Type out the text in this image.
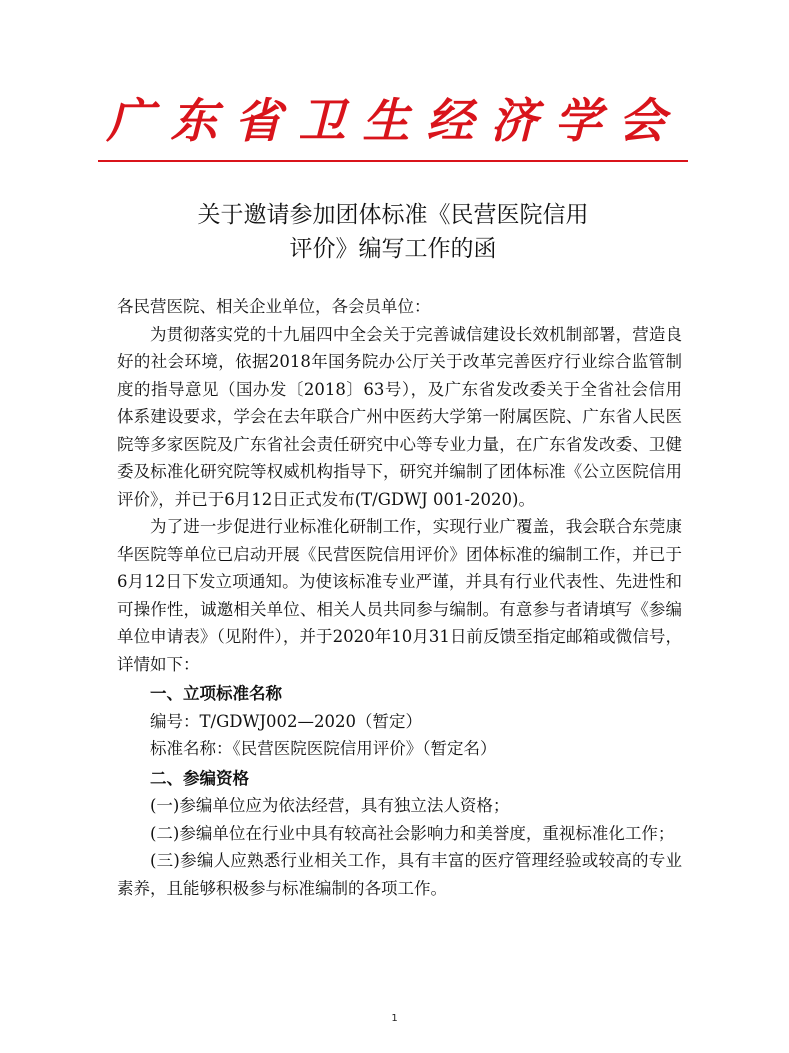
广东省卫生经济学会
关于邀请参加团体标准《民营医院信用
评价》编写工作的函

各民营医院、相关企业单位，各会员单位：

为贯彻落实党的十九届四中全会关于完善诚信建设长效机制部署，营造良好的社会环境，依据2018年国务院办公厅关于改革完善医疗行业综合监管制度的指导意见（国办发〔2018〕63号），及广东省发改委关于全省社会信用体系建设要求，学会在去年联合广州中医药大学第一附属医院、广东省人民医院等多家医院及广东省社会责任研究中心等专业力量，在广东省发改委、卫健委及标准化研究院等权威机构指导下，研究并编制了团体标准《公立医院信用评价》，并已于6月12日正式发布(T/GDWJ 001-2020)。

为了进一步促进行业标准化研制工作，实现行业广覆盖，我会联合东莞康华医院等单位已启动开展《民营医院信用评价》团体标准的编制工作，并已于6月12日下发立项通知。为使该标准专业严谨，并具有行业代表性、先进性和可操作性，诚邀相关单位、相关人员共同参与编制。有意参与者请填写《参编单位申请表》（见附件），并于2020年10月31日前反馈至指定邮箱或微信号，详情如下：

一、立项标准名称

编号：T/GDWJ002—2020（暂定）

标准名称：《民营医院医院信用评价》（暂定名）

二、参编资格

(一)参编单位应为依法经营，具有独立法人资格；

(二)参编单位在行业中具有较高社会影响力和美誉度，重视标准化工作；

(三)参编人应熟悉行业相关工作，具有丰富的医疗管理经验或较高的专业素养，且能够积极参与标准编制的各项工作。

1
